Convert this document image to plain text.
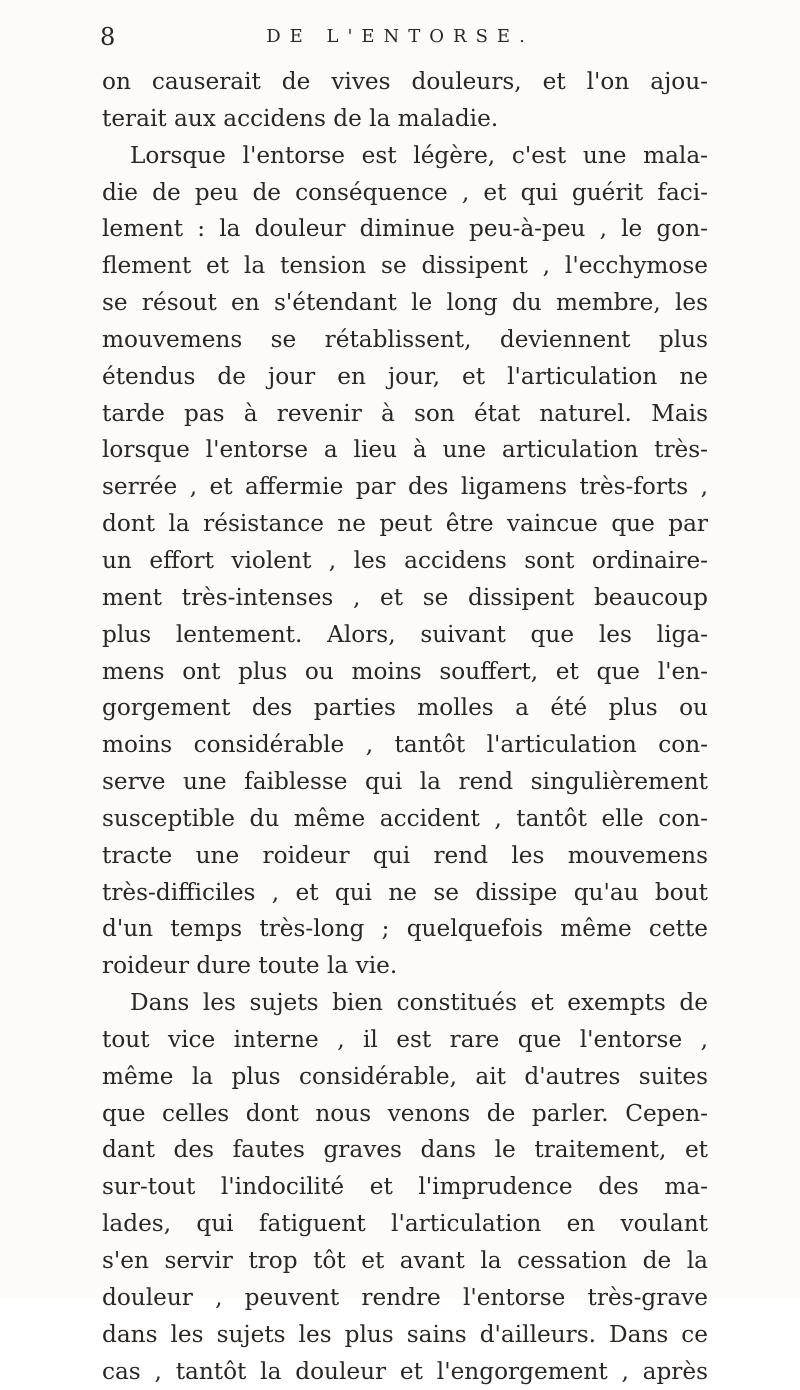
8	DE L'ENTORSE.
on causerait de vives douleurs, et l'on ajou-
terait aux accidens de la maladie.
Lorsque l'entorse est légère, c'est une mala-
die de peu de conséquence , et qui guérit faci-
lement : la douleur diminue peu-à-peu , le gon-
flement et la tension se dissipent , l'ecchymose
se résout en s'étendant le long du membre, les
mouvemens se rétablissent, deviennent plus
étendus de jour en jour, et l'articulation ne
tarde pas à revenir à son état naturel. Mais
lorsque l'entorse a lieu à une articulation très-
serrée , et affermie par des ligamens très-forts ,
dont la résistance ne peut être vaincue que par
un effort violent , les accidens sont ordinaire-
ment très-intenses , et se dissipent beaucoup
plus lentement. Alors, suivant que les liga-
mens ont plus ou moins souffert, et que l'en-
gorgement des parties molles a été plus ou
moins considérable , tantôt l'articulation con-
serve une faiblesse qui la rend singulièrement
susceptible du même accident , tantôt elle con-
tracte une roideur qui rend les mouvemens
très-difficiles , et qui ne se dissipe qu'au bout
d'un temps très-long ; quelquefois même cette
roideur dure toute la vie.
Dans les sujets bien constitués et exempts de
tout vice interne , il est rare que l'entorse ,
même la plus considérable, ait d'autres suites
que celles dont nous venons de parler. Cepen-
dant des fautes graves dans le traitement, et
sur-tout l'indocilité et l'imprudence des ma-
lades, qui fatiguent l'articulation en voulant
s'en servir trop tôt et avant la cessation de la
douleur , peuvent rendre l'entorse très-grave
dans les sujets les plus sains d'ailleurs. Dans ce
cas , tantôt la douleur et l'engorgement , après
